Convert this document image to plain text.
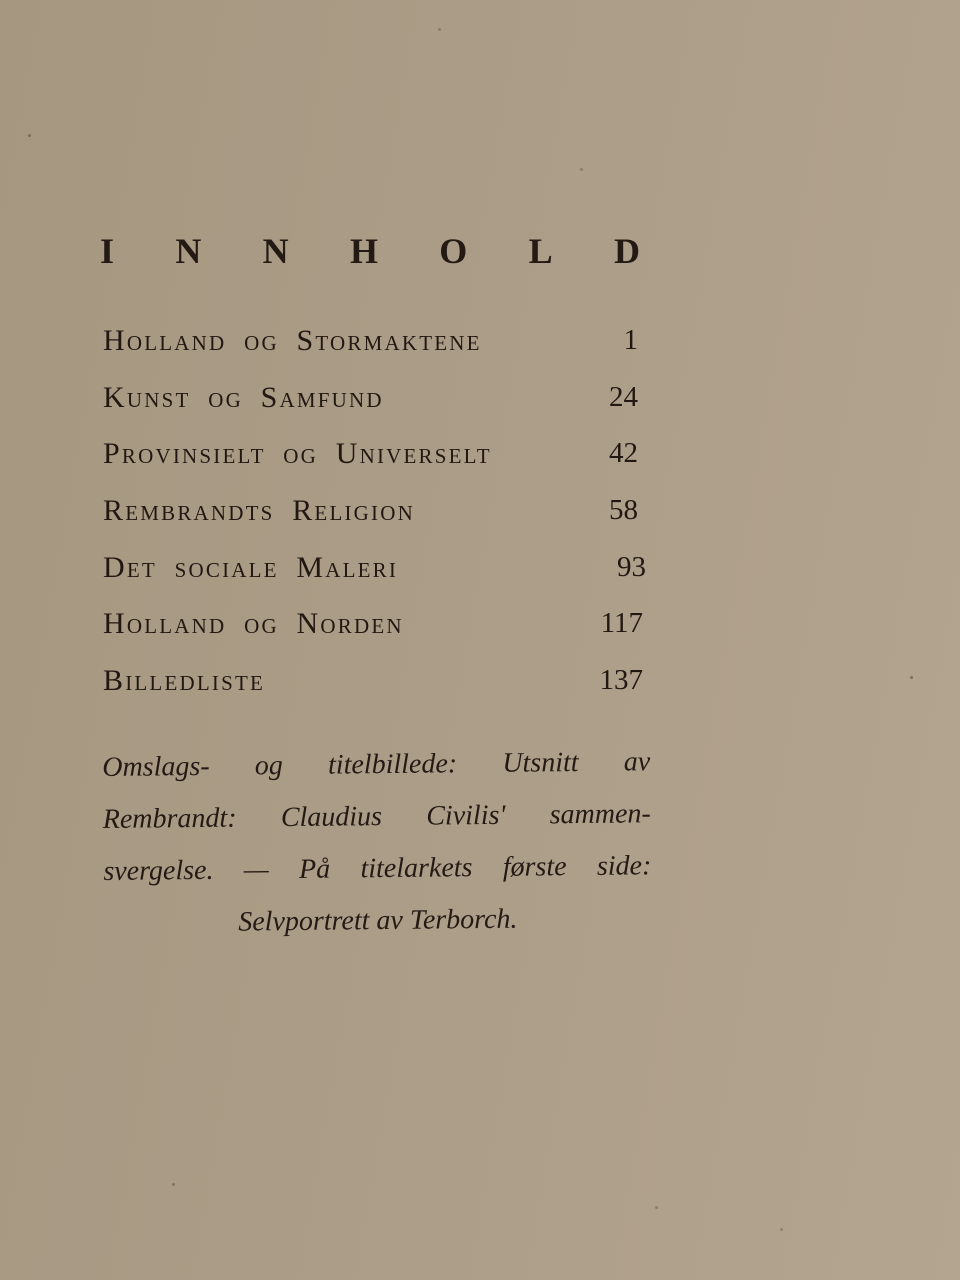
I N N H O L D
Holland og Stormaktene	1
Kunst og Samfund	24
Provinsielt og Universelt	42
Rembrandts Religion	58
Det sociale Maleri	93
Holland og Norden	117
Billedliste	137
Omslags- og titelbillede: Utsnitt av
Rembrandt: Claudius Civilis' sammen-
svergelse. — På titelarkets første side:
Selvportrett av Terborch.
